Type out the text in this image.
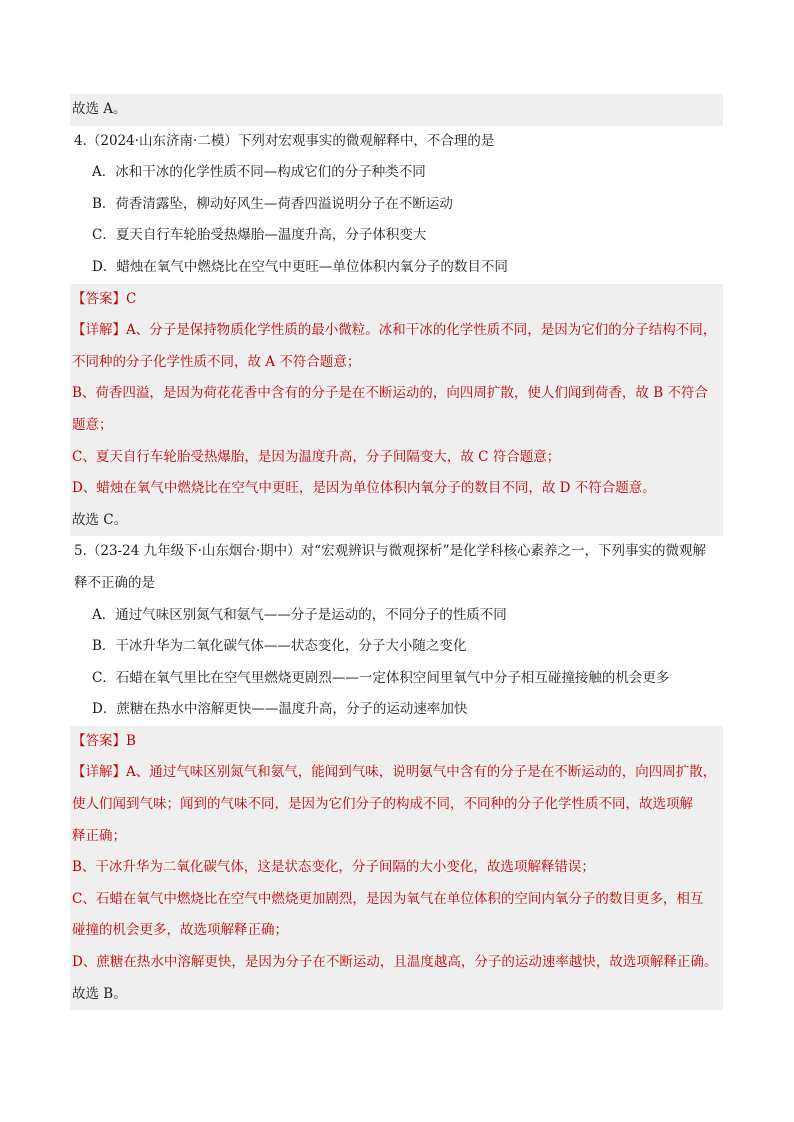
故选 A。
4.（2024·山东济南·二模）下列对宏观事实的微观解释中，不合理的是
A．冰和干冰的化学性质不同—构成它们的分子种类不同
B．荷香清露坠，柳动好风生—荷香四溢说明分子在不断运动
C．夏天自行车轮胎受热爆胎—温度升高，分子体积变大
D．蜡烛在氧气中燃烧比在空气中更旺—单位体积内氧分子的数目不同
【答案】C
【详解】A、分子是保持物质化学性质的最小微粒。冰和干冰的化学性质不同，是因为它们的分子结构不同，
不同种的分子化学性质不同，故 A 不符合题意；
B、荷香四溢，是因为荷花花香中含有的分子是在不断运动的，向四周扩散，使人们闻到荷香，故 B 不符合
题意；
C、夏天自行车轮胎受热爆胎，是因为温度升高，分子间隔变大，故 C 符合题意；
D、蜡烛在氧气中燃烧比在空气中更旺，是因为单位体积内氧分子的数目不同，故 D 不符合题意。
故选 C。
5.（23-24 九年级下·山东烟台·期中）对“宏观辨识与微观探析”是化学科核心素养之一，下列事实的微观解
释不正确的是
A．通过气味区别氮气和氨气——分子是运动的，不同分子的性质不同
B．干冰升华为二氧化碳气体——状态变化，分子大小随之变化
C．石蜡在氧气里比在空气里燃烧更剧烈——一定体积空间里氧气中分子相互碰撞接触的机会更多
D．蔗糖在热水中溶解更快——温度升高，分子的运动速率加快
【答案】B
【详解】A、通过气味区别氮气和氨气，能闻到气味，说明氨气中含有的分子是在不断运动的，向四周扩散，
使人们闻到气味；闻到的气味不同，是因为它们分子的构成不同，不同种的分子化学性质不同，故选项解
释正确；
B、干冰升华为二氧化碳气体，这是状态变化，分子间隔的大小变化，故选项解释错误；
C、石蜡在氧气中燃烧比在空气中燃烧更加剧烈，是因为氧气在单位体积的空间内氧分子的数目更多，相互
碰撞的机会更多，故选项解释正确；
D、蔗糖在热水中溶解更快，是因为分子在不断运动，且温度越高，分子的运动速率越快，故选项解释正确。
故选 B。
